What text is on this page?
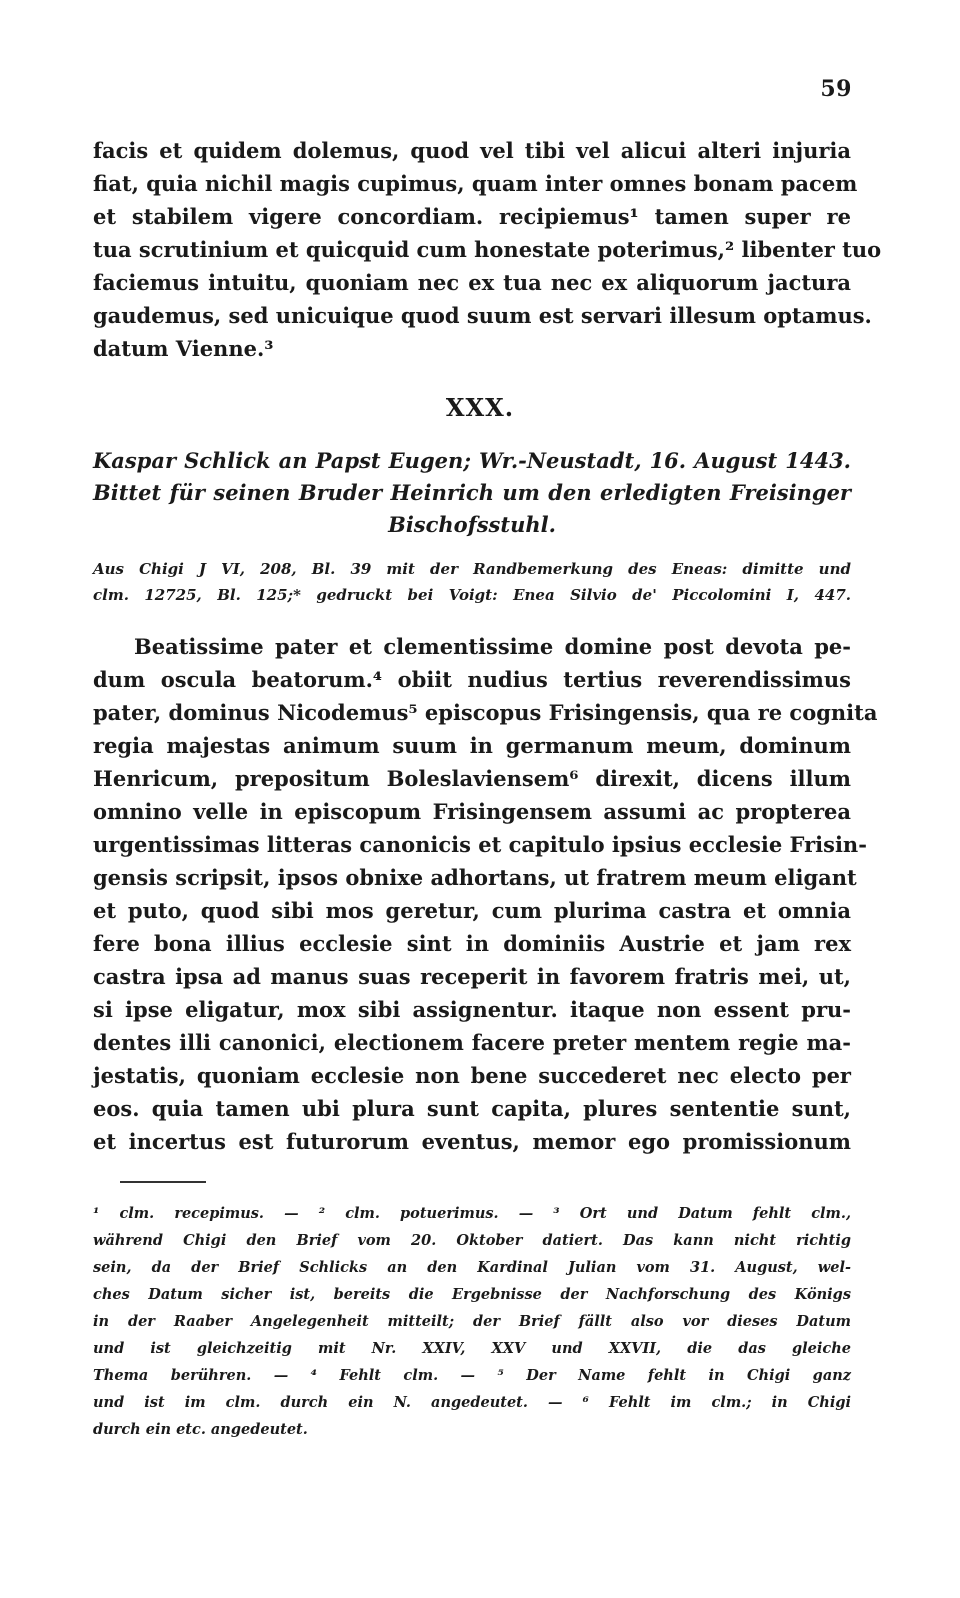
59
facis et quidem dolemus, quod vel tibi vel alicui alteri injuria
fiat, quia nichil magis cupimus, quam inter omnes bonam pacem
et stabilem vigere concordiam. recipiemus¹ tamen super re
tua scrutinium et quicquid cum honestate poterimus,² libenter tuo
faciemus intuitu, quoniam nec ex tua nec ex aliquorum jactura
gaudemus, sed unicuique quod suum est servari illesum optamus.
datum Vienne.³
XXX.
Kaspar Schlick an Papst Eugen; Wr.-Neustadt, 16. August 1443.
Bittet für seinen Bruder Heinrich um den erledigten Freisinger
Bischofsstuhl.
Aus Chigi J VI, 208, Bl. 39 mit der Randbemerkung des Eneas: dimitte und
clm. 12725, Bl. 125;* gedruckt bei Voigt: Enea Silvio de' Piccolomini I, 447.
Beatissime pater et clementissime domine post devota pe-
dum oscula beatorum.⁴ obiit nudius tertius reverendissimus
pater, dominus Nicodemus⁵ episcopus Frisingensis, qua re cognita
regia majestas animum suum in germanum meum, dominum
Henricum, prepositum Boleslaviensem⁶ direxit, dicens illum
omnino velle in episcopum Frisingensem assumi ac propterea
urgentissimas litteras canonicis et capitulo ipsius ecclesie Frisin-
gensis scripsit, ipsos obnixe adhortans, ut fratrem meum eligant
et puto, quod sibi mos geretur, cum plurima castra et omnia
fere bona illius ecclesie sint in dominiis Austrie et jam rex
castra ipsa ad manus suas receperit in favorem fratris mei, ut,
si ipse eligatur, mox sibi assignentur. itaque non essent pru-
dentes illi canonici, electionem facere preter mentem regie ma-
jestatis, quoniam ecclesie non bene succederet nec electo per
eos. quia tamen ubi plura sunt capita, plures sententie sunt,
et incertus est futurorum eventus, memor ego promissionum
¹ clm. recepimus. — ² clm. potuerimus. — ³ Ort und Datum fehlt clm.,
während Chigi den Brief vom 20. Oktober datiert. Das kann nicht richtig
sein, da der Brief Schlicks an den Kardinal Julian vom 31. August, wel-
ches Datum sicher ist, bereits die Ergebnisse der Nachforschung des Königs
in der Raaber Angelegenheit mitteilt; der Brief fällt also vor dieses Datum
und ist gleichzeitig mit Nr. XXIV, XXV und XXVII, die das gleiche
Thema berühren. — ⁴ Fehlt clm. — ⁵ Der Name fehlt in Chigi ganz
und ist im clm. durch ein N. angedeutet. — ⁶ Fehlt im clm.; in Chigi
durch ein etc. angedeutet.
